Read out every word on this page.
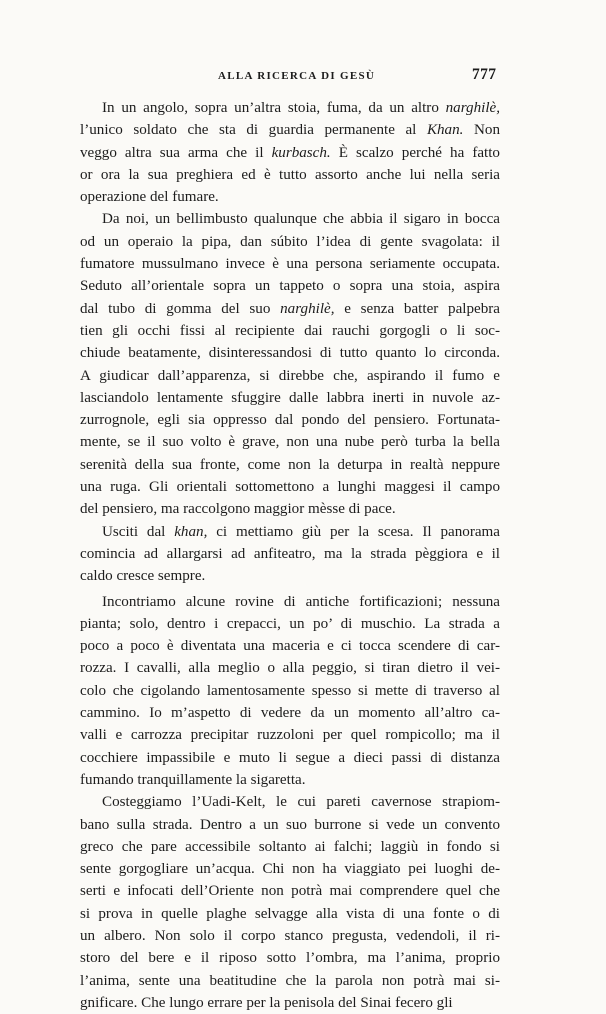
ALLA RICERCA DI GESÙ	777
In un angolo, sopra un’altra stoia, fuma, da un altro narghilè,
l’unico soldato che sta di guardia permanente al Khan. Non
veggo altra sua arma che il kurbasch. È scalzo perché ha fatto
or ora la sua preghiera ed è tutto assorto anche lui nella seria
operazione del fumare.
Da noi, un bellimbusto qualunque che abbia il sigaro in bocca
od un operaio la pipa, dan súbito l’idea di gente svagolata: il
fumatore mussulmano invece è una persona seriamente occupata.
Seduto all’orientale sopra un tappeto o sopra una stoia, aspira
dal tubo di gomma del suo narghilè, e senza batter palpebra
tien gli occhi fissi al recipiente dai rauchi gorgogli o li soc-
chiude beatamente, disinteressandosi di tutto quanto lo circonda.
A giudicar dall’apparenza, si direbbe che, aspirando il fumo e
lasciandolo lentamente sfuggire dalle labbra inerti in nuvole az-
zurrognole, egli sia oppresso dal pondo del pensiero. Fortunata-
mente, se il suo volto è grave, non una nube però turba la bella
serenità della sua fronte, come non la deturpa in realtà neppure
una ruga. Gli orientali sottomettono a lunghi maggesi il campo
del pensiero, ma raccolgono maggior mèsse di pace.
Usciti dal khan, ci mettiamo giù per la scesa. Il panorama
comincia ad allargarsi ad anfiteatro, ma la strada pèggiora e il
caldo cresce sempre.
Incontriamo alcune rovine di antiche fortificazioni; nessuna
pianta; solo, dentro i crepacci, un po’ di muschio. La strada a
poco a poco è diventata una maceria e ci tocca scendere di car-
rozza. I cavalli, alla meglio o alla peggio, si tiran dietro il vei-
colo che cigolando lamentosamente spesso si mette di traverso al
cammino. Io m’aspetto di vedere da un momento all’altro ca-
valli e carrozza precipitar ruzzoloni per quel rompicollo; ma il
cocchiere impassibile e muto li segue a dieci passi di distanza
fumando tranquillamente la sigaretta.
Costeggiamo l’Uadi-Kelt, le cui pareti cavernose strapiom-
bano sulla strada. Dentro a un suo burrone si vede un convento
greco che pare accessibile soltanto ai falchi; laggiù in fondo si
sente gorgogliare un’acqua. Chi non ha viaggiato pei luoghi de-
serti e infocati dell’Oriente non potrà mai comprendere quel che
si prova in quelle plaghe selvagge alla vista di una fonte o di
un albero. Non solo il corpo stanco pregusta, vedendoli, il ri-
storo del bere e il riposo sotto l’ombra, ma l’anima, proprio
l’anima, sente una beatitudine che la parola non potrà mai si-
gnificare. Che lungo errare per la penisola del Sinai fecero gli
